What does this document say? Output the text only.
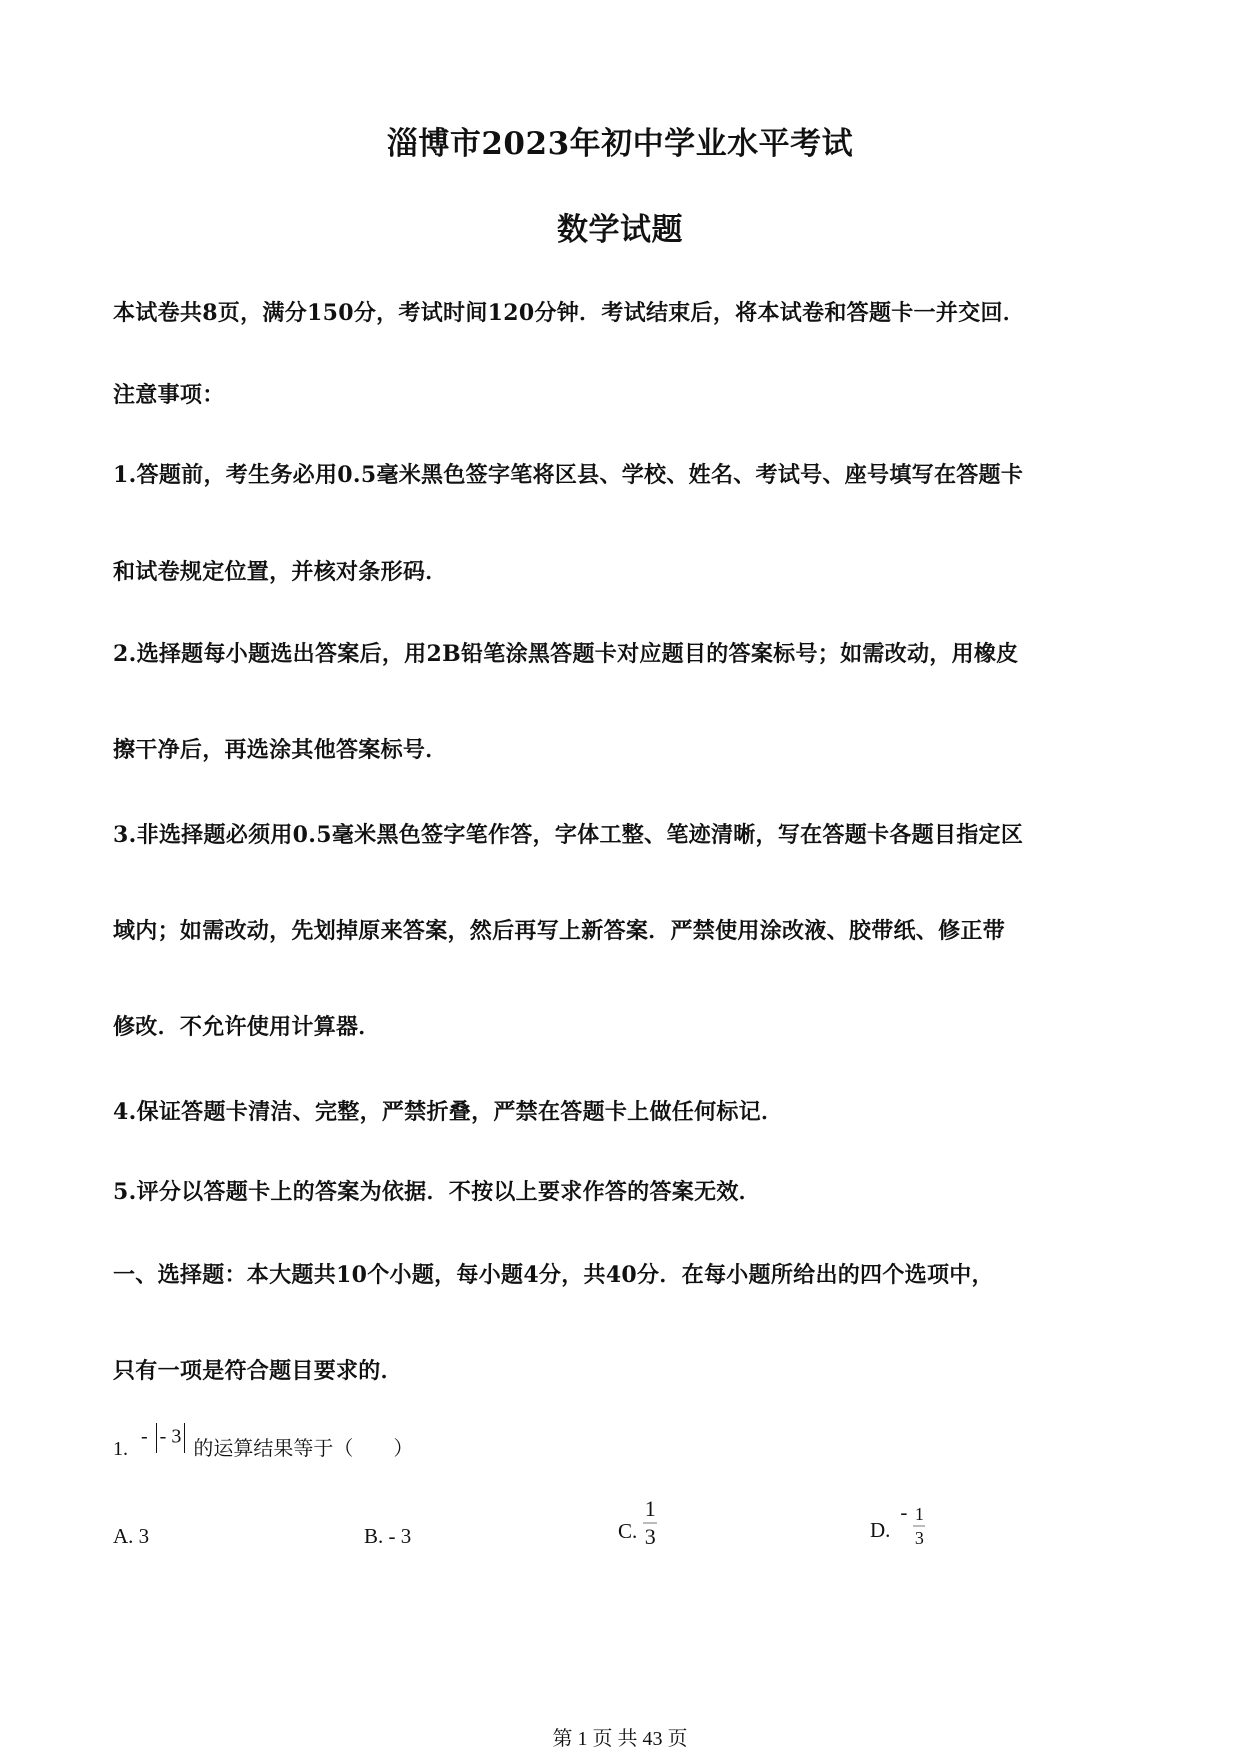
淄博市2023年初中学业水平考试
数学试题
本试卷共8页，满分150分，考试时间120分钟．考试结束后，将本试卷和答题卡一并交回．
注意事项：
1.答题前，考生务必用0.5毫米黑色签字笔将区县、学校、姓名、考试号、座号填写在答题卡
和试卷规定位置，并核对条形码．
2.选择题每小题选出答案后，用2B铅笔涂黑答题卡对应题目的答案标号；如需改动，用橡皮
擦干净后，再选涂其他答案标号．
3.非选择题必须用0.5毫米黑色签字笔作答，字体工整、笔迹清晰，写在答题卡各题目指定区
域内；如需改动，先划掉原来答案，然后再写上新答案．严禁使用涂改液、胶带纸、修正带
修改．不允许使用计算器．
4.保证答题卡清洁、完整，严禁折叠，严禁在答题卡上做任何标记．
5.评分以答题卡上的答案为依据．不按以上要求作答的答案无效．
一、选择题：本大题共10个小题，每小题4分，共40分．在每小题所给出的四个选项中，
只有一项是符合题目要求的．
1. - - 3 的运算结果等于（　　）
A. 3	B. - 3	C. $\frac{1}{3}$	D.
- $\frac{1}{3}$
第 1 页 共 43 页
